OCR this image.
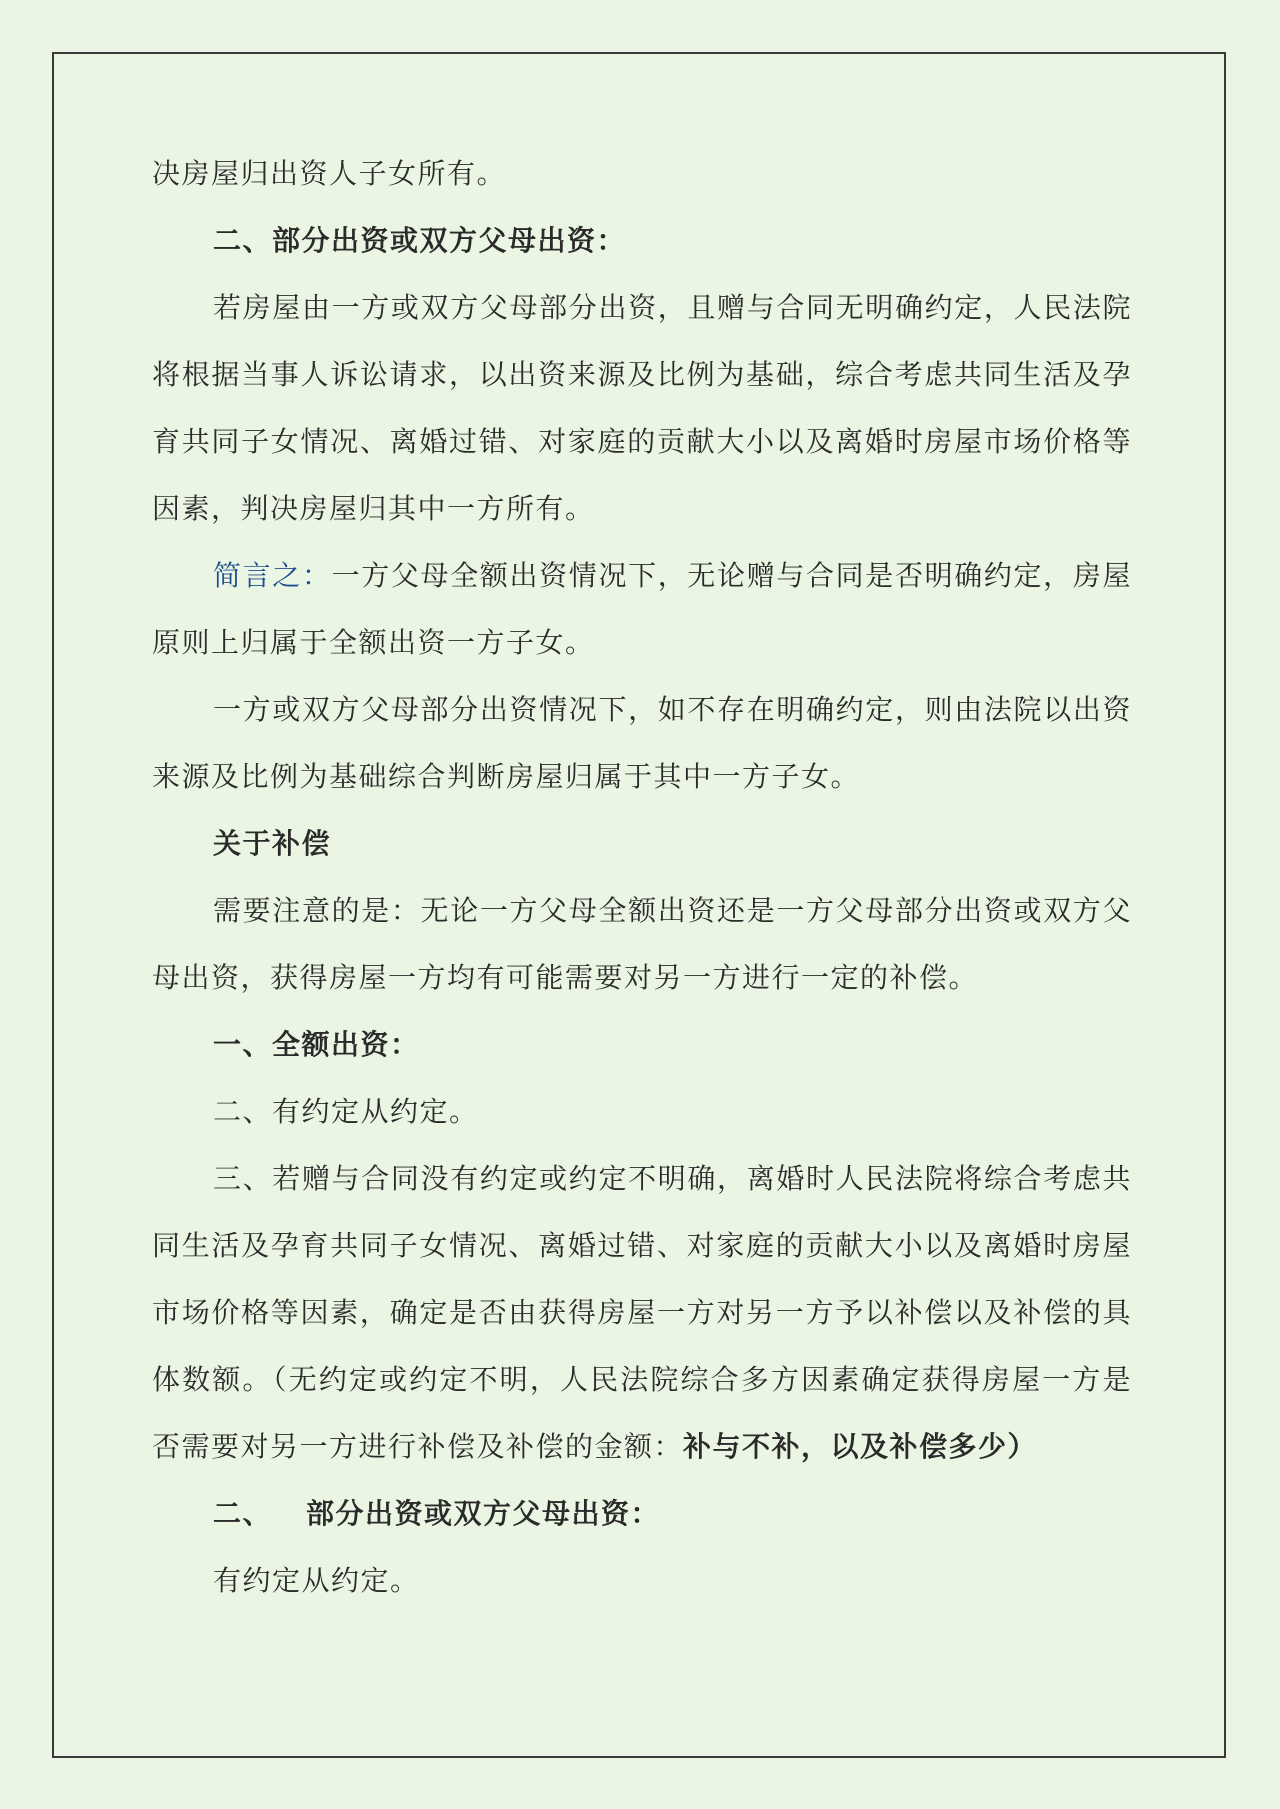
决房屋归出资人子女所有。

二、部分出资或双方父母出资：

若房屋由一方或双方父母部分出资，且赠与合同无明确约定，人民法院将根据当事人诉讼请求，以出资来源及比例为基础，综合考虑共同生活及孕育共同子女情况、离婚过错、对家庭的贡献大小以及离婚时房屋市场价格等因素，判决房屋归其中一方所有。

简言之：一方父母全额出资情况下，无论赠与合同是否明确约定，房屋原则上归属于全额出资一方子女。

一方或双方父母部分出资情况下，如不存在明确约定，则由法院以出资来源及比例为基础综合判断房屋归属于其中一方子女。

关于补偿

需要注意的是：无论一方父母全额出资还是一方父母部分出资或双方父母出资，获得房屋一方均有可能需要对另一方进行一定的补偿。

一、全额出资：

二、有约定从约定。

三、若赠与合同没有约定或约定不明确，离婚时人民法院将综合考虑共同生活及孕育共同子女情况、离婚过错、对家庭的贡献大小以及离婚时房屋市场价格等因素，确定是否由获得房屋一方对另一方予以补偿以及补偿的具体数额。（无约定或约定不明，人民法院综合多方因素确定获得房屋一方是否需要对另一方进行补偿及补偿的金额：补与不补，以及补偿多少）

二、 部分出资或双方父母出资：

有约定从约定。
